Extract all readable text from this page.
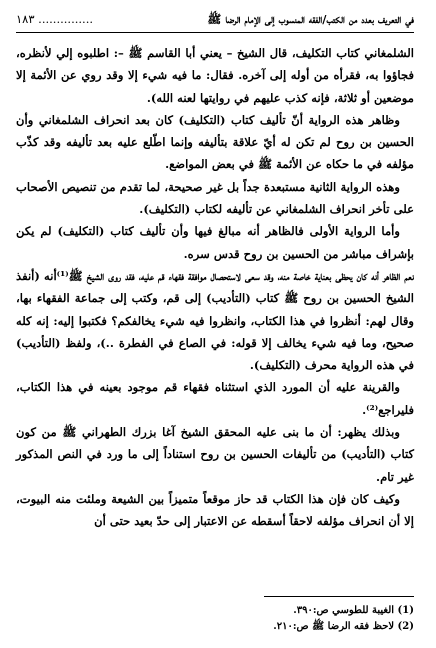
في التعريف بعدد من الكتب/الفقه المنسوب إلى الإمام الرضا ﷺ
............... ١٨٣

الشلمغاني كتاب التكليف، قال الشيخ – يعني أبا القاسم ﷺ –: اطلبوه إلي لأنظره، فجاؤوا به، فقرأه من أوله إلى آخره. فقال: ما فيه شيء إلا وقد روي عن الأئمة إلا موضعين أو ثلاثة، فإنه كذب عليهم في روايتها لعنه الله).

وظاهر هذه الرواية أنّ تأليف كتاب (التكليف) كان بعد انحراف الشلمغاني وأن الحسين بن روح لم تكن له أيّ علاقة بتأليفه وإنما اطّلع عليه بعد تأليفه وقد كذّب مؤلفه في ما حكاه عن الأئمة ﷺ في بعض المواضع.

وهذه الرواية الثانية مستبعدة جداً بل غير صحيحة، لما تقدم من تنصيص الأصحاب على تأخر انحراف الشلمغاني عن تأليفه لكتاب (التكليف).

وأما الرواية الأولى فالظاهر أنه مبالغ فيها وأن تأليف كتاب (التكليف) لم يكن بإشراف مباشر من الحسين بن روح قدس سره.

نعم الظاهر أنه كان يحظى بعناية خاصة منه، وقد سعى لاستحصال موافقة فقهاء قم عليه، فقد روى الشيخ ﷺ⁽¹⁾أنه (أنفذ الشيخ الحسين بن روح ﷺ كتاب (التأديب) إلى قم، وكتب إلى جماعة الفقهاء بها، وقال لهم: أنظروا في هذا الكتاب، وانظروا فيه شيء يخالفكم؟ فكتبوا إليه: إنه كله صحيح، وما فيه شيء يخالف إلا قوله: في الصاع في الفطرة ..)، ولفظ (التأديب) في هذه الرواية محرف (التكليف).

والقرينة عليه أن المورد الذي استثناه فقهاء قم موجود بعينه في هذا الكتاب، فليراجع⁽²⁾.

وبذلك يظهر: أن ما بنى عليه المحقق الشيخ آغا بزرك الطهراني ﷺ من كون كتاب (التأديب) من تأليفات الحسين بن روح استناداً إلى ما ورد في النص المذكور غير تام.

وكيف كان فإن هذا الكتاب قد حاز موقعاً متميزاً بين الشيعة وملئت منه البيوت، إلا أن انحراف مؤلفه لاحقاً أسقطه عن الاعتبار إلى حدّ بعيد حتى أن

(1) الغيبة للطوسي ص:٣٩٠.

(2) لاحظ فقه الرضا ﷺ ص:٢١٠.
